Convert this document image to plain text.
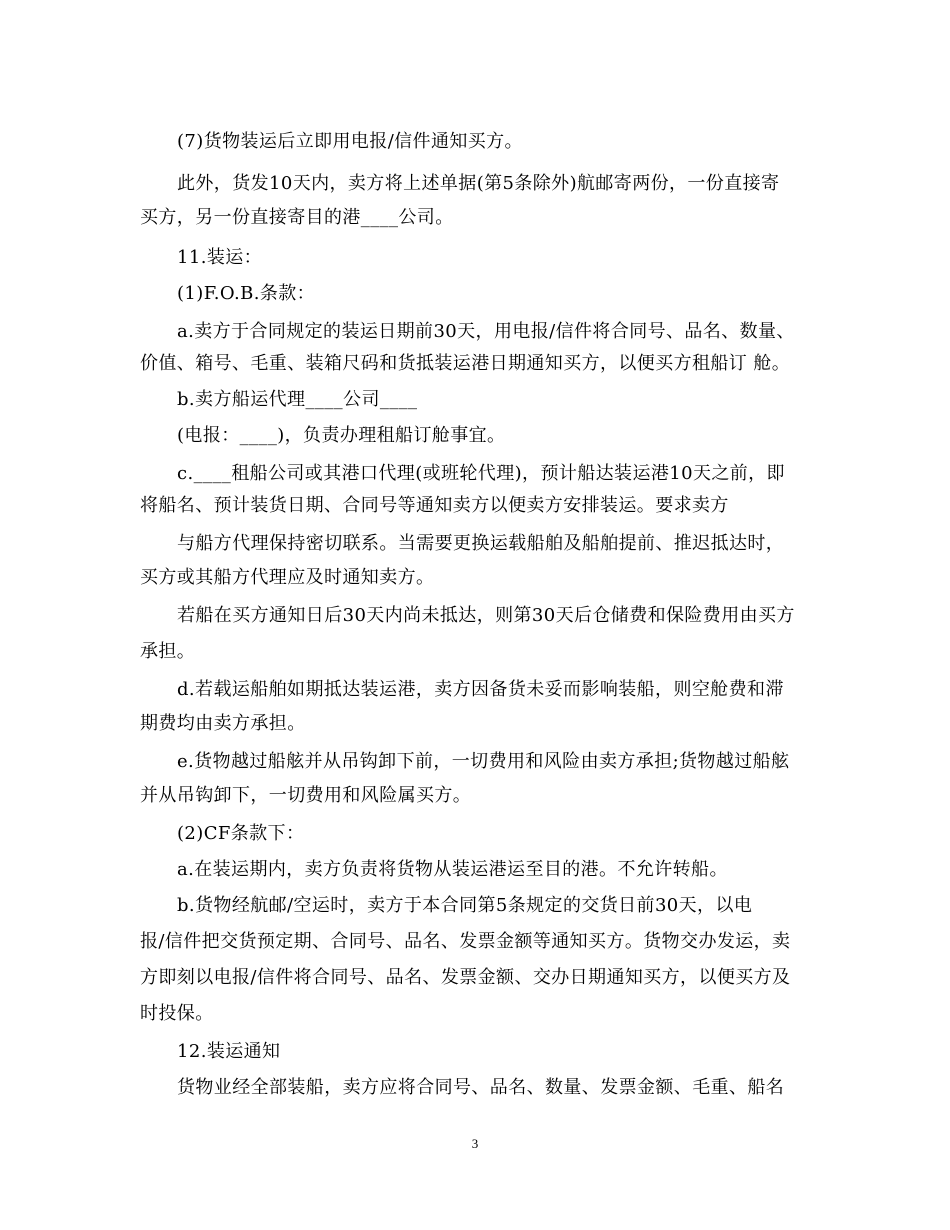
(7)货物装运后立即用电报/信件通知买方。
此外，货发10天内，卖方将上述单据(第5条除外)航邮寄两份，一份直接寄
买方，另一份直接寄目的港____公司。
11.装运：
(1)F.O.B.条款：
a.卖方于合同规定的装运日期前30天，用电报/信件将合同号、品名、数量、
价值、箱号、毛重、装箱尺码和货抵装运港日期通知买方，以便买方租船订 舱。
b.卖方船运代理____公司____
(电报：____)，负责办理租船订舱事宜。
c.____租船公司或其港口代理(或班轮代理)，预计船达装运港10天之前，即
将船名、预计装货日期、合同号等通知卖方以便卖方安排装运。要求卖方
与船方代理保持密切联系。当需要更换运载船舶及船舶提前、推迟抵达时，
买方或其船方代理应及时通知卖方。
若船在买方通知日后30天内尚未抵达，则第30天后仓储费和保险费用由买方
承担。
d.若载运船舶如期抵达装运港，卖方因备货未妥而影响装船，则空舱费和滞
期费均由卖方承担。
e.货物越过船舷并从吊钩卸下前，一切费用和风险由卖方承担;货物越过船舷
并从吊钩卸下，一切费用和风险属买方。
(2)CF条款下：
a.在装运期内，卖方负责将货物从装运港运至目的港。不允许转船。
b.货物经航邮/空运时，卖方于本合同第5条规定的交货日前30天，以电
报/信件把交货预定期、合同号、品名、发票金额等通知买方。货物交办发运，卖
方即刻以电报/信件将合同号、品名、发票金额、交办日期通知买方，以便买方及
时投保。
12.装运通知
货物业经全部装船，卖方应将合同号、品名、数量、发票金额、毛重、船名
3
